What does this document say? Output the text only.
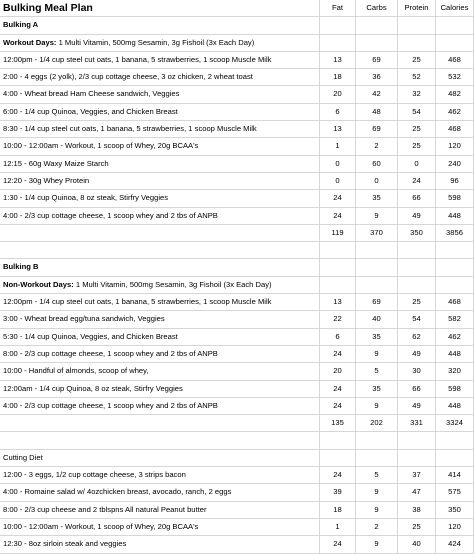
Bulking Meal Plan	Fat	Carbs	Protein	Calories
Bulking A
Workout Days: 1 Multi Vitamin, 500mg Sesamin, 3g Fishoil (3x Each Day)
12:00pm - 1/4 cup steel cut oats, 1 banana, 5 strawberries, 1 scoop Muscle Milk	13	69	25	468
2:00 - 4 eggs (2 yolk), 2/3 cup cottage cheese, 3 oz chicken, 2 wheat toast	18	36	52	532
4:00 - Wheat bread Ham Cheese sandwich, Veggies	20	42	32	482
6:00 - 1/4 cup Quinoa, Veggies, and Chicken Breast	6	48	54	462
8:30 - 1/4 cup steel cut oats, 1 banana, 5 strawberries, 1 scoop Muscle Milk	13	69	25	468
10:00 - 12:00am - Workout, 1 scoop of Whey, 20g BCAA's	1	2	25	120
12:15 - 60g Waxy Maize Starch	0	60	0	240
12:20 - 30g Whey Protein	0	0	24	96
1:30 - 1/4 cup Quinoa, 8 oz steak, Stirfry Veggies	24	35	66	598
4:00 - 2/3 cup cottage cheese, 1 scoop whey and 2 tbs of ANPB	24	9	49	448
119	370	350	3856
Bulking B
Non-Workout Days: 1 Multi Vitamin, 500mg Sesamin, 3g Fishoil (3x Each Day)
12:00pm - 1/4 cup steel cut oats, 1 banana, 5 strawberries, 1 scoop Muscle Milk	13	69	25	468
3:00 - Wheat bread egg/tuna sandwich, Veggies	22	40	54	582
5:30 - 1/4 cup Quinoa, Veggies, and Chicken Breast	6	35	62	462
8:00 - 2/3 cup cottage cheese, 1 scoop whey and 2 tbs of ANPB	24	9	49	448
10:00 - Handful of almonds, scoop of whey,	20	5	30	320
12:00am - 1/4 cup Quinoa, 8 oz steak, Stirfry Veggies	24	35	66	598
4:00 - 2/3 cup cottage cheese, 1 scoop whey and 2 tbs of ANPB	24	9	49	448
135	202	331	3324
Cutting Diet
12:00 - 3 eggs, 1/2 cup cottage cheese, 3 strips bacon	24	5	37	414
4:00 - Romaine salad w/ 4ozchicken breast, avocado, ranch, 2 eggs	39	9	47	575
8:00 - 2/3 cup cheese and 2 tblspns All natural Peanut butter	18	9	38	350
10:00 - 12:00am - Workout, 1 scoop of Whey, 20g BCAA's	1	2	25	120
12:30 - 8oz sirloin steak and veggies	24	9	40	424
